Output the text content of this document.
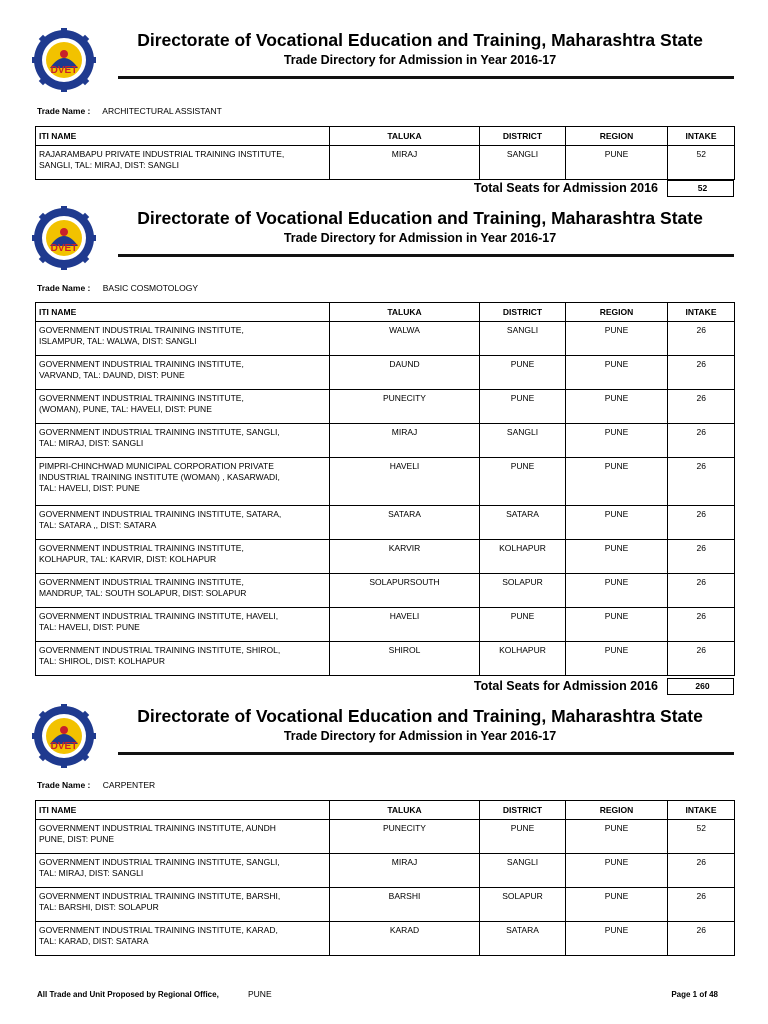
DVET
Directorate of Vocational Education and Training, Maharashtra State
Trade Directory for Admission in Year 2016-17
Trade Name : ARCHITECTURAL ASSISTANT
ITI NAME	TALUKA	DISTRICT	REGION	INTAKE

RAJARAMBAPU PRIVATE INDUSTRIAL TRAINING INSTITUTE,
SANGLI, TAL: MIRAJ, DIST: SANGLI	MIRAJ	SANGLI	PUNE	52
Total Seats for Admission 2016	52
DVET
Directorate of Vocational Education and Training, Maharashtra State
Trade Directory for Admission in Year 2016-17
Trade Name : BASIC COSMOTOLOGY
ITI NAME	TALUKA	DISTRICT	REGION	INTAKE

GOVERNMENT INDUSTRIAL TRAINING INSTITUTE,
ISLAMPUR, TAL: WALWA, DIST: SANGLI	WALWA	SANGLI	PUNE	26

GOVERNMENT INDUSTRIAL TRAINING INSTITUTE,
VARVAND, TAL: DAUND, DIST: PUNE	DAUND	PUNE	PUNE	26

GOVERNMENT INDUSTRIAL TRAINING INSTITUTE,
(WOMAN), PUNE, TAL: HAVELI, DIST: PUNE	PUNECITY	PUNE	PUNE	26

GOVERNMENT INDUSTRIAL TRAINING INSTITUTE, SANGLI,
TAL: MIRAJ, DIST: SANGLI	MIRAJ	SANGLI	PUNE	26

PIMPRI-CHINCHWAD MUNICIPAL CORPORATION PRIVATE
INDUSTRIAL TRAINING INSTITUTE (WOMAN) , KASARWADI,
TAL: HAVELI, DIST: PUNE	HAVELI	PUNE	PUNE	26

GOVERNMENT INDUSTRIAL TRAINING INSTITUTE, SATARA,
TAL: SATARA ,, DIST: SATARA	SATARA	SATARA	PUNE	26

GOVERNMENT INDUSTRIAL TRAINING INSTITUTE,
KOLHAPUR, TAL: KARVIR, DIST: KOLHAPUR	KARVIR	KOLHAPUR	PUNE	26

GOVERNMENT INDUSTRIAL TRAINING INSTITUTE,
MANDRUP, TAL: SOUTH SOLAPUR, DIST: SOLAPUR	SOLAPURSOUTH	SOLAPUR	PUNE	26

GOVERNMENT INDUSTRIAL TRAINING INSTITUTE, HAVELI,
TAL: HAVELI, DIST: PUNE	HAVELI	PUNE	PUNE	26

GOVERNMENT INDUSTRIAL TRAINING INSTITUTE, SHIROL,
TAL: SHIROL, DIST: KOLHAPUR	SHIROL	KOLHAPUR	PUNE	26
Total Seats for Admission 2016	260
DVET
Directorate of Vocational Education and Training, Maharashtra State
Trade Directory for Admission in Year 2016-17
Trade Name : CARPENTER
ITI NAME	TALUKA	DISTRICT	REGION	INTAKE

GOVERNMENT INDUSTRIAL TRAINING INSTITUTE, AUNDH
PUNE, DIST: PUNE	PUNECITY	PUNE	PUNE	52

GOVERNMENT INDUSTRIAL TRAINING INSTITUTE, SANGLI,
TAL: MIRAJ, DIST: SANGLI	MIRAJ	SANGLI	PUNE	26

GOVERNMENT INDUSTRIAL TRAINING INSTITUTE, BARSHI,
TAL: BARSHI, DIST: SOLAPUR	BARSHI	SOLAPUR	PUNE	26

GOVERNMENT INDUSTRIAL TRAINING INSTITUTE, KARAD,
TAL: KARAD, DIST: SATARA	KARAD	SATARA	PUNE	26
All Trade and Unit Proposed by Regional Office,	PUNE	Page 1 of 48
